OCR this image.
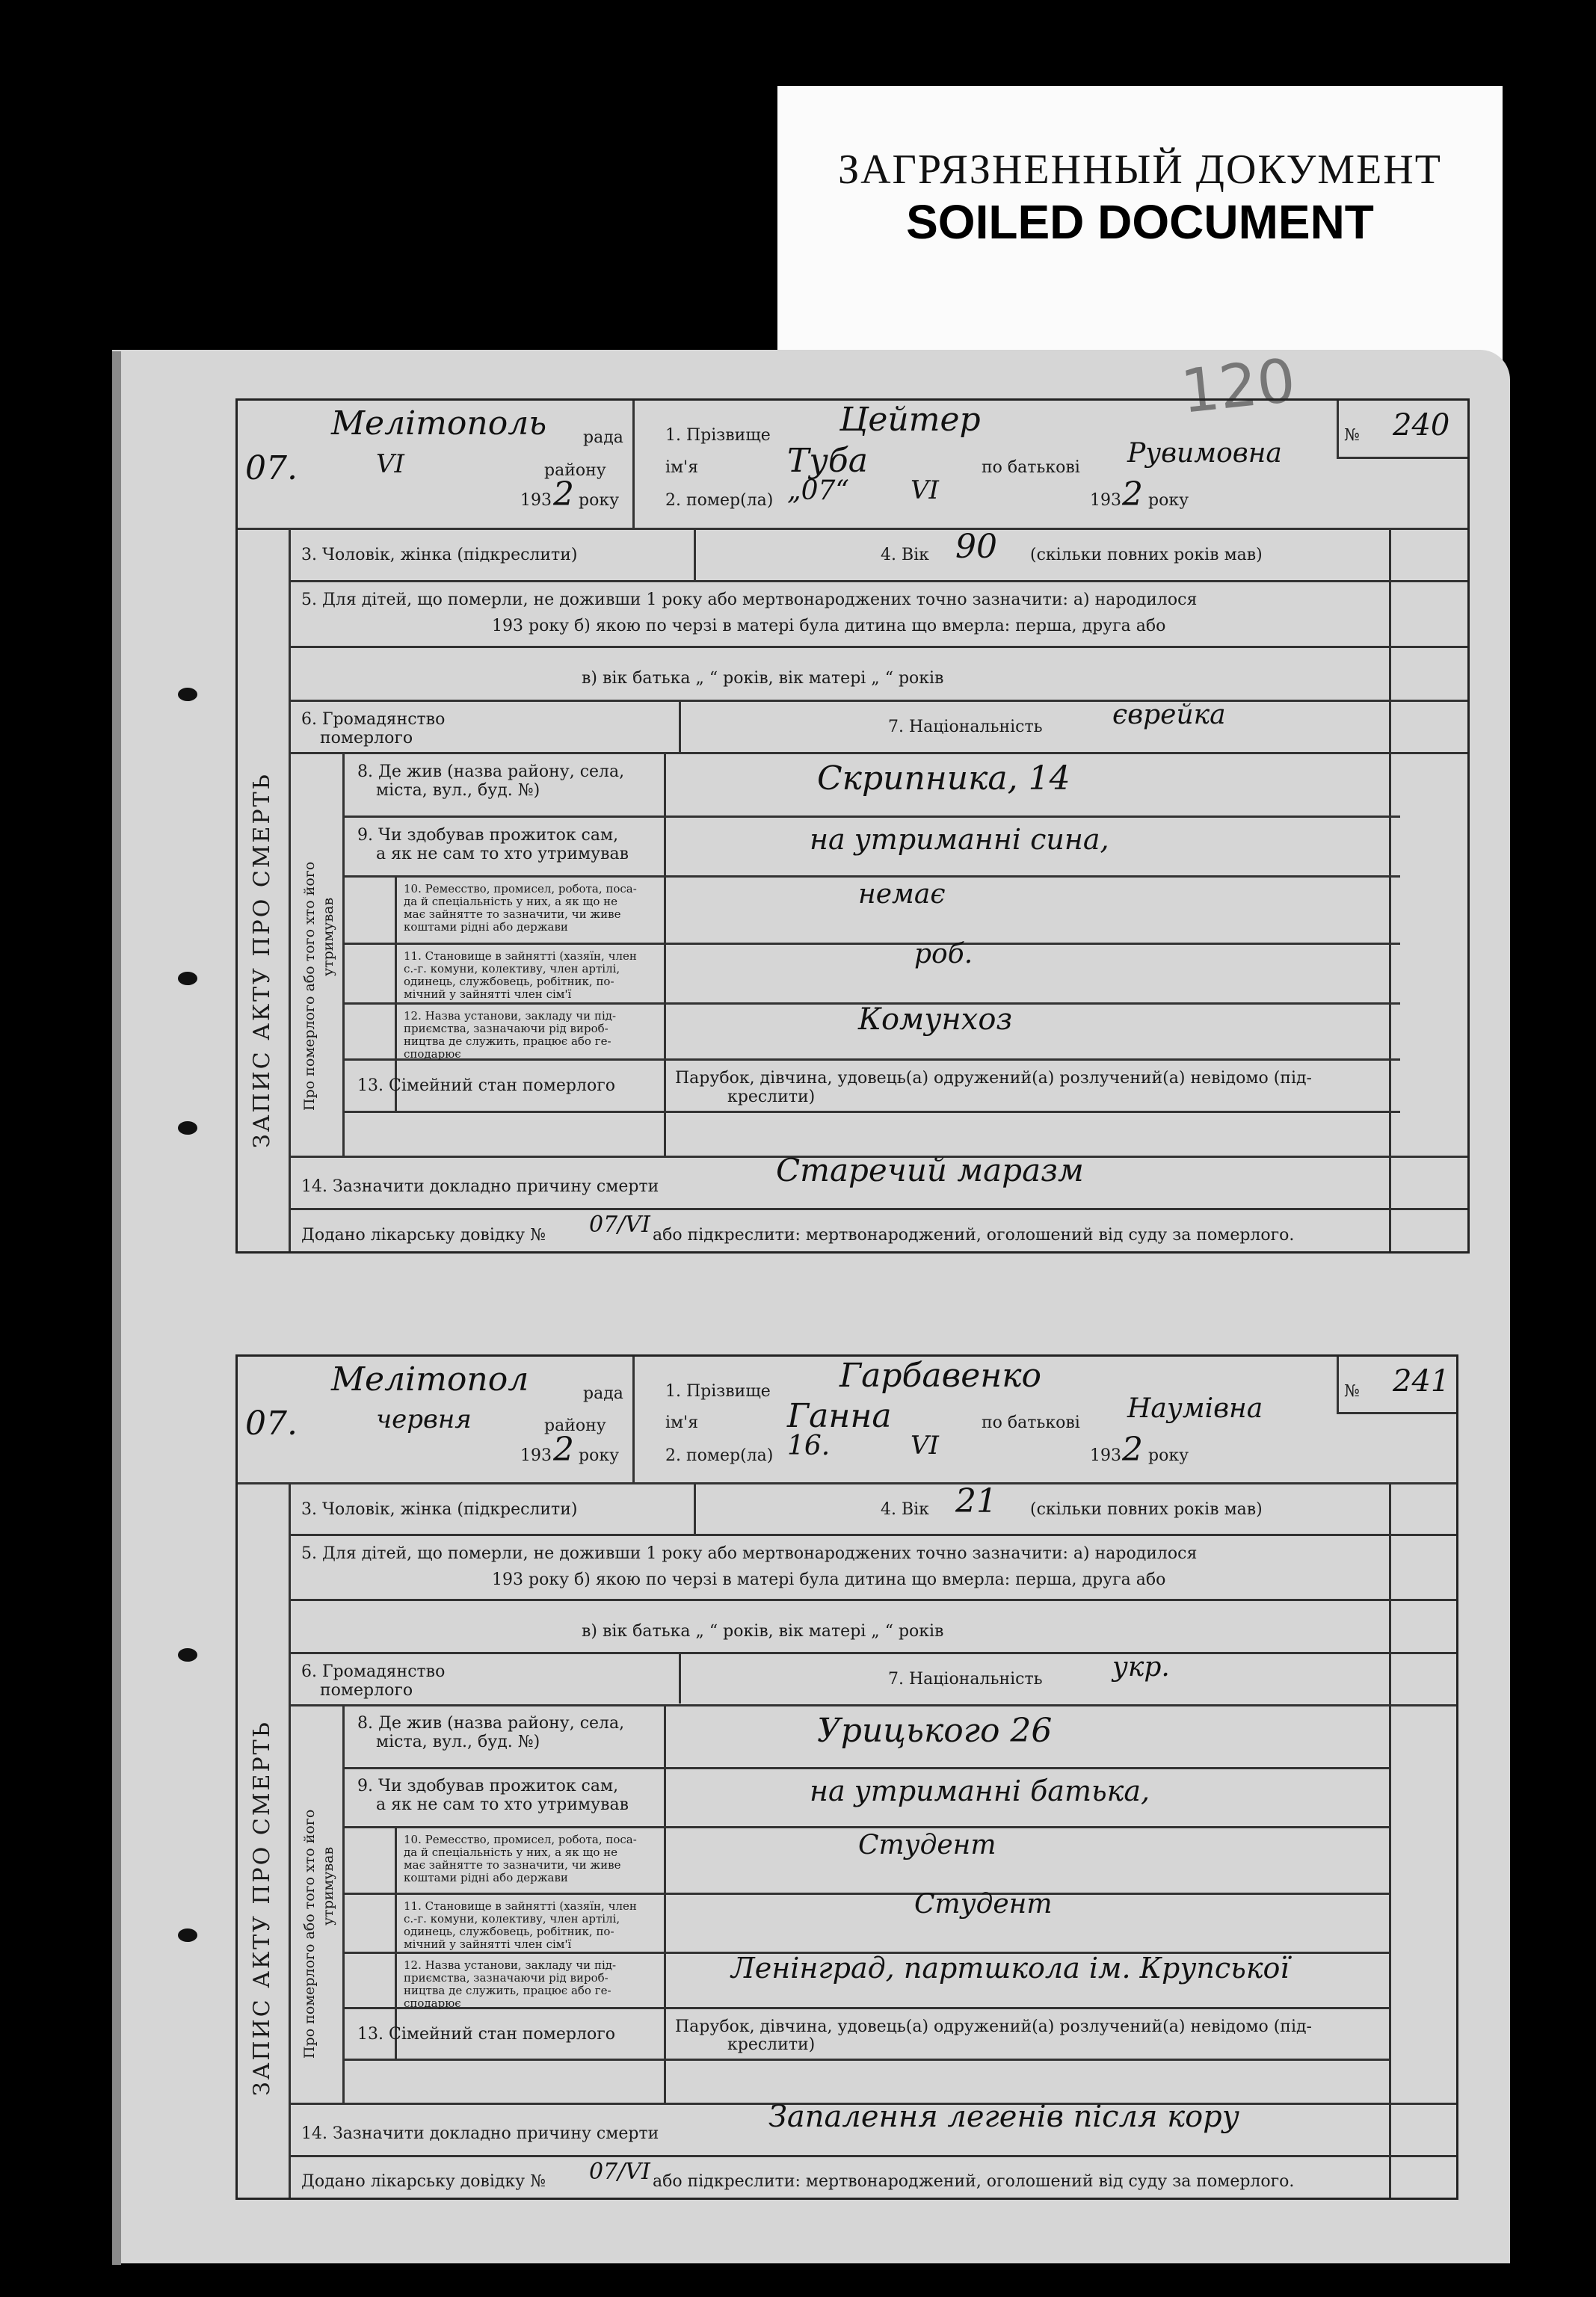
ЗАГРЯЗНЕННЫЙ ДОКУМЕНТ
SOILED DOCUMENT
120
Мелітополь рада
07.	VI	району
193 2 року
1. Прізвище Цейтер
ім'я	Туба	по батькові Рувимовна
2. помер(ла) „07“ VI	193 2 року
№ 240
3. Чоловік, жінка (підкреслити)	4. Вік 90 (скільки повних років мав)
5. Для дітей, що померли, не доживши 1 року або мертвонароджених точно зазначити: а) народилося
193 року б) якою по черзі в матері була дитина що вмерла: перша, друга або
в) вік батька „ “ років, вік матері „ “ років
6. Громадянство
померлого
7. Національність	єврейка
8. Де жив (назва району, села,
міста, вул., буд. №)	Скрипника, 14
9. Чи здобував прожиток сам,
а як не сам то хто утримував	на утриманні сина,
10. Ремесство, промисел, робота, поса-
да й спеціальність у них, а як що не
має зайнятте то зазначити, чи живе
коштами рідні або держави
немає
11. Становище в зайнятті (хазяїн, член
с.-г. комуни, колективу, член артілі,
одинець, службовець, робітник, по-
мічний у зайнятті член сім'ї
роб.
12. Назва установи, закладу чи під-
приємства, зазначаючи рід вироб-
ництва де служить, працює або ге-
сподарює
Комунхоз
13. Сімейний стан померлого	Парубок, дівчина, удовець(а) одружений(а) розлучений(а) невідомо (під-
креслити)
14. Зазначити докладно причину смерти	Старечий маразм
Додано лікарську довідку № 07/VI або підкреслити: мертвонароджений, оголошений від суду за померлого.
ЗАПИС АКТУ ПРО СМЕРТЬ Про померлого або того хто його утримував
Мелітопол	рада
07.	червня	району
193 2 року
1. Прізвище Гарбавенко
ім'я	Ганна	по батькові Наумівна
2. помер(ла) 16.	VI	193 2 року
№ 241
3. Чоловік, жінка (підкреслити)	4. Вік 21 (скільки повних років мав)
5. Для дітей, що померли, не доживши 1 року або мертвонароджених точно зазначити: а) народилося
193 року б) якою по черзі в матері була дитина що вмерла: перша, друга або
в) вік батька „ “ років, вік матері „ “ років
6. Громадянство
померлого
7. Національність	укр.
8. Де жив (назва району, села,
міста, вул., буд. №)	Урицького 26
9. Чи здобував прожиток сам,
а як не сам то хто утримував	на утриманні батька,
10. Ремесство, промисел, робота, поса-
да й спеціальність у них, а як що не
має зайнятте то зазначити, чи живе
коштами рідні або держави
Студент
11. Становище в зайнятті (хазяїн, член
с.-г. комуни, колективу, член артілі,
одинець, службовець, робітник, по-
мічний у зайнятті член сім'ї
Студент
12. Назва установи, закладу чи під-
приємства, зазначаючи рід вироб-
ництва де служить, працює або ге-
сподарює
Ленінград, партшкола ім. Крупської
13. Сімейний стан померлого	Парубок, дівчина, удовець(а) одружений(а) розлучений(а) невідомо (під-
креслити)
14. Зазначити докладно причину смерти	Запалення легенів після кору
Додано лікарську довідку № 07/VI або підкреслити: мертвонароджений, оголошений від суду за померлого.
ЗАПИС АКТУ ПРО СМЕРТЬ Про померлого або того хто його утримував
